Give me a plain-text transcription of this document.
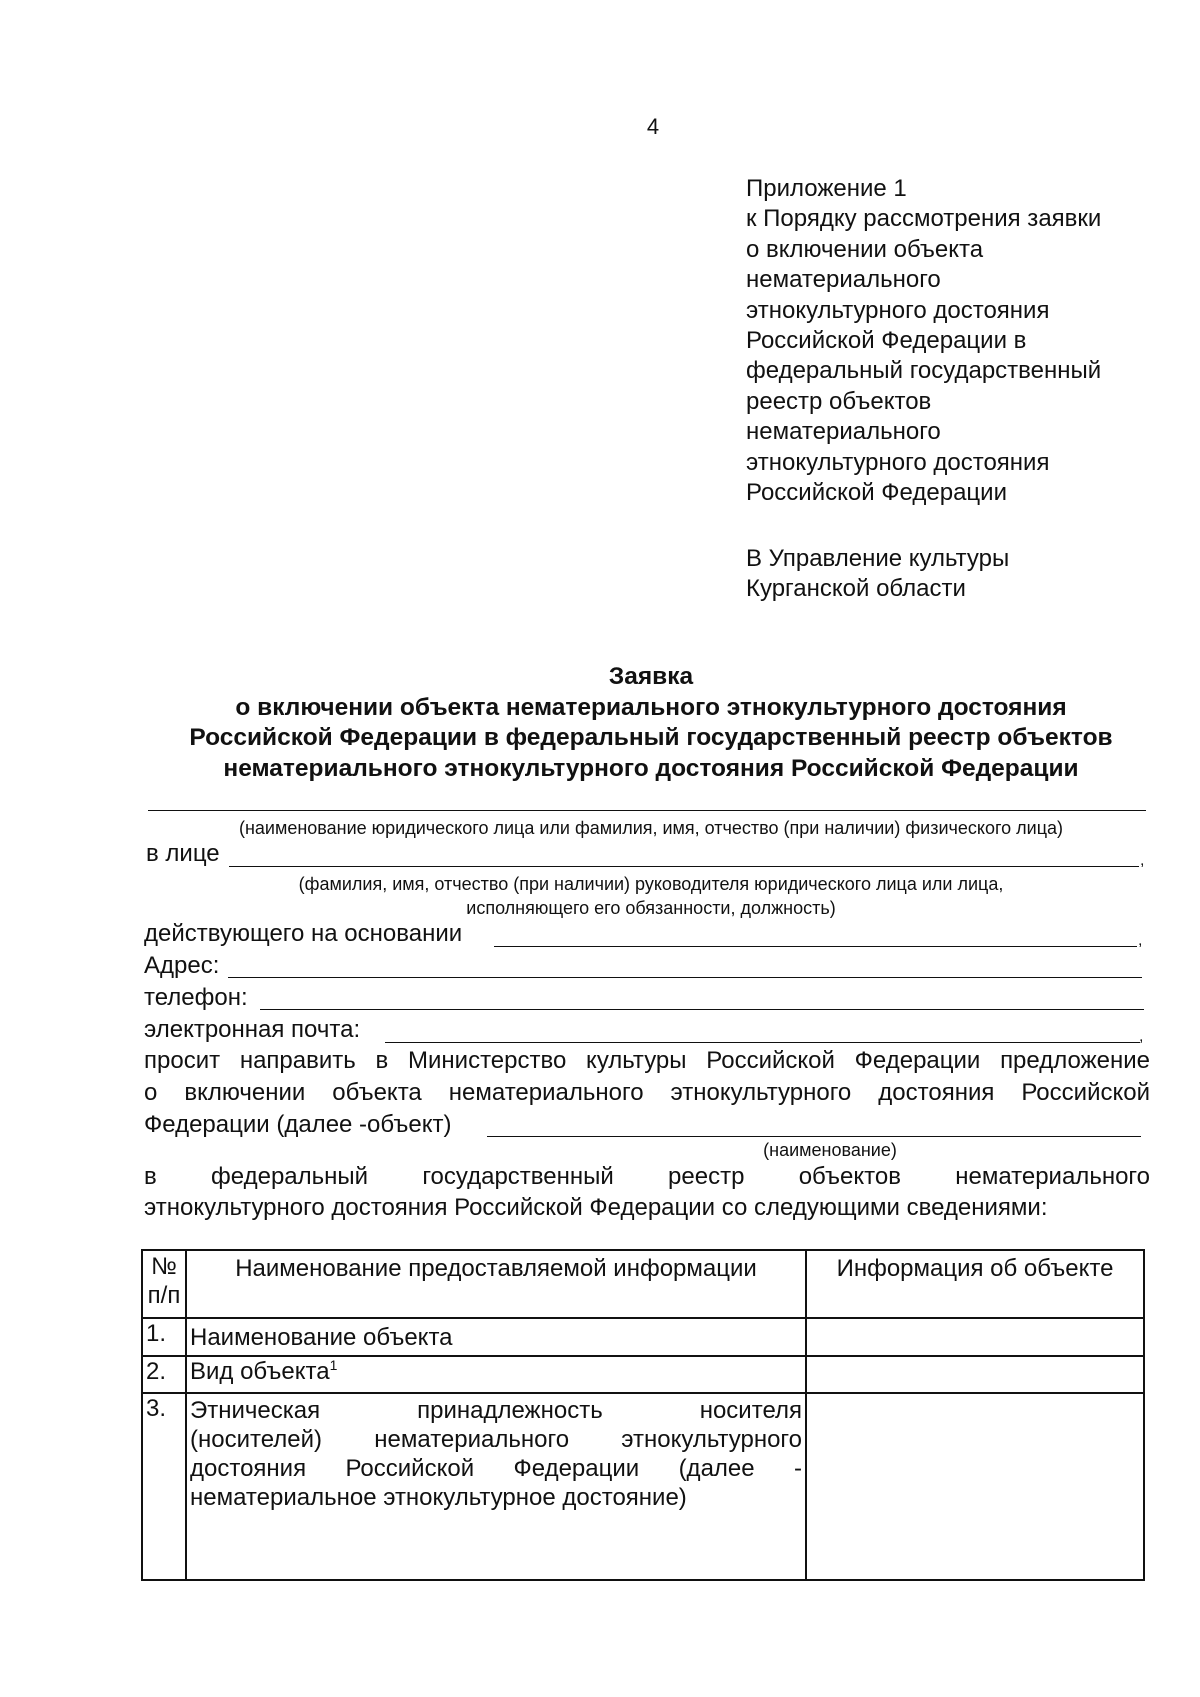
4
Приложение 1
к Порядку рассмотрения заявки
о включении объекта
нематериального
этнокультурного достояния
Российской Федерации в
федеральный государственный
реестр объектов
нематериального
этнокультурного достояния
Российской Федерации
В Управление культуры
Курганской области
Заявка
о включении объекта нематериального этнокультурного достояния
Российской Федерации в федеральный государственный реестр объектов
нематериального этнокультурного достояния Российской Федерации
(наименование юридического лица или фамилия, имя, отчество (при наличии) физического лица)
в лице	,
(фамилия, имя, отчество (при наличии) руководителя юридического лица или лица,
исполняющего его обязанности, должность)
действующего на основании	,
Адрес:
телефон:
электронная почта:	,
просит направить в Министерство культуры Российской Федерации предложение
о включении объекта нематериального этнокультурного достояния Российской
Федерации (далее -объект)
(наименование)
в федеральный государственный реестр объектов нематериального
этнокультурного достояния Российской Федерации со следующими сведениями:
№ п/п	Наименование предоставляемой информации	Информация об объекте
1.	Наименование объекта	
2.	Вид объекта$^1$	
3.	Этническая принадлежность носителя
(носителей) нематериального этнокультурного
достояния Российской Федерации (далее -
нематериальное этнокультурное достояние)	
